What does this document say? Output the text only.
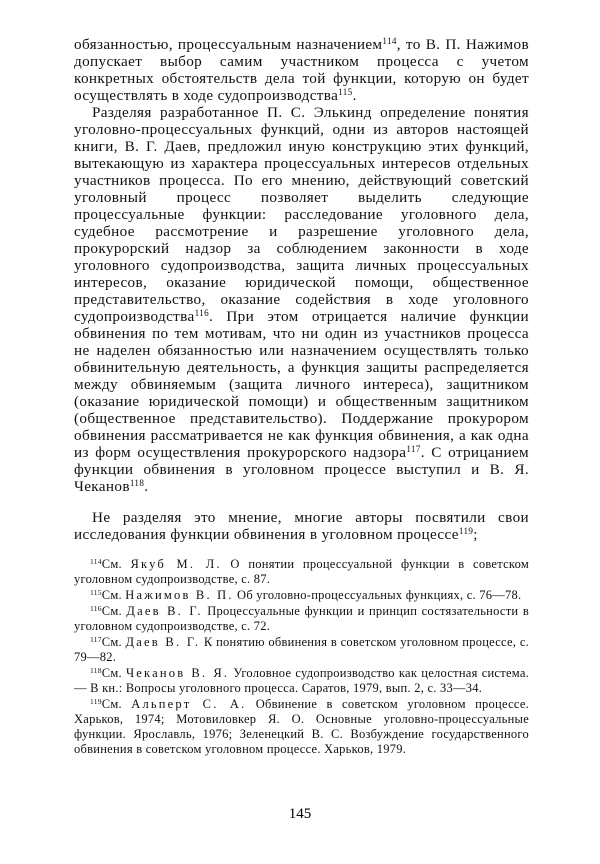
обязанностью, процессуальным назначением$^{114}$, то В. П. Нажимов допускает выбор самим участником процесса с учетом конкретных обстоятельств дела той функции, которую он будет осуществлять в ходе судопроизводства$^{115}$.

Разделяя разработанное П. С. Элькинд определение понятия уголовно-процессуальных функций, одни из авторов настоящей книги, В. Г. Даев, предложил иную конструкцию этих функций, вытекающую из характера процессуальных интересов отдельных участников процесса. По его мнению, действующий советский уголовный процесс позволяет выделить следующие процессуальные функции: расследование уголовного дела, судебное рассмотрение и разрешение уголовного дела, прокурорский надзор за соблюдением законности в ходе уголовного судопроизводства, защита личных процессуальных интересов, оказание юридической помощи, общественное представительство, оказание содействия в ходе уголовного судопроизводства$^{116}$. При этом отрицается наличие функции обвинения по тем мотивам, что ни один из участников процесса не наделен обязанностью или назначением осуществлять только обвинительную деятельность, а функция защиты распределяется между обвиняемым (защита личного интереса), защитником (оказание юридической помощи) и общественным защитником (общественное представительство). Поддержание прокурором обвинения рассматривается не как функция обвинения, а как одна из форм осуществления прокурорского надзора$^{117}$. С отрицанием функции обвинения в уголовном процессе выступил и В. Я. Чеканов$^{118}$.

Не разделяя это мнение, многие авторы посвятили свои исследования функции обвинения в уголовном процессе$^{119}$;

$^{114}$См. Якуб М. Л. О понятии процессуальной функции в советском уголовном судопроизводстве, с. 87.

$^{115}$См. Нажимов В. П. Об уголовно-процессуальных функциях, с. 76—78.

$^{116}$См. Даев В. Г. Процессуальные функции и принцип состязательности в уголовном судопроизводстве, с. 72.

$^{117}$См. Даев В. Г. К понятию обвинения в советском уголовном процессе, с. 79—82.

$^{118}$См. Чеканов В. Я. Уголовное судопроизводство как целостная система. — В кн.: Вопросы уголовного процесса. Саратов, 1979, вып. 2, с. 33—34.

$^{119}$См. Альперт С. А. Обвинение в советском уголовном процессе. Харьков, 1974; Мотовиловкер Я. О. Основные уголовно-процессуальные функции. Ярославль, 1976; Зеленецкий В. С. Возбуждение государственного обвинения в советском уголовном процессе. Харьков, 1979.

145
